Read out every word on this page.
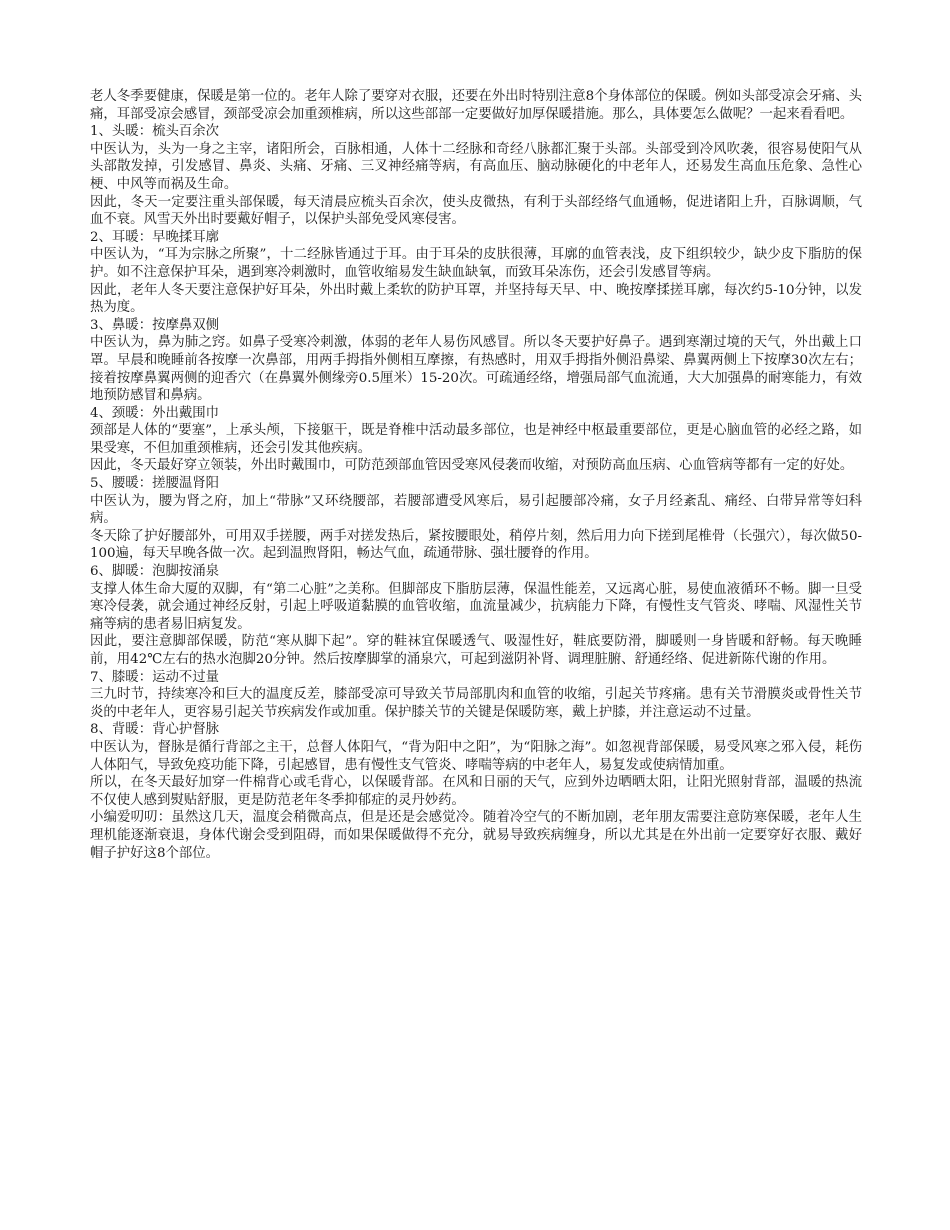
老人冬季要健康，保暖是第一位的。老年人除了要穿对衣服，还要在外出时特别注意8个身体部位的保暖。例如头部受凉会牙痛、头痛，耳部受凉会感冒，颈部受凉会加重颈椎病，所以这些部部一定要做好加厚保暖措施。那么，具体要怎么做呢？一起来看看吧。

1、头暖：梳头百余次

中医认为，头为一身之主宰，诸阳所会，百脉相通，人体十二经脉和奇经八脉都汇聚于头部。头部受到冷风吹袭，很容易使阳气从头部散发掉，引发感冒、鼻炎、头痛、牙痛、三叉神经痛等病，有高血压、脑动脉硬化的中老年人，还易发生高血压危象、急性心梗、中风等而祸及生命。

因此，冬天一定要注重头部保暖，每天清晨应梳头百余次，使头皮微热，有利于头部经络气血通畅，促进诸阳上升，百脉调顺，气血不衰。风雪天外出时要戴好帽子，以保护头部免受风寒侵害。

2、耳暖：早晚揉耳廓

中医认为，“耳为宗脉之所聚”，十二经脉皆通过于耳。由于耳朵的皮肤很薄，耳廓的血管表浅，皮下组织较少，缺少皮下脂肪的保护。如不注意保护耳朵，遇到寒冷刺激时，血管收缩易发生缺血缺氧，而致耳朵冻伤，还会引发感冒等病。

因此，老年人冬天要注意保护好耳朵，外出时戴上柔软的防护耳罩，并坚持每天早、中、晚按摩揉搓耳廓，每次约5-10分钟，以发热为度。

3、鼻暖：按摩鼻双侧

中医认为，鼻为肺之窍。如鼻子受寒冷刺激，体弱的老年人易伤风感冒。所以冬天要护好鼻子。遇到寒潮过境的天气，外出戴上口罩。早晨和晚睡前各按摩一次鼻部，用两手拇指外侧相互摩擦，有热感时，用双手拇指外侧沿鼻梁、鼻翼两侧上下按摩30次左右；接着按摩鼻翼两侧的迎香穴（在鼻翼外侧缘旁0.5厘米）15-20次。可疏通经络，增强局部气血流通，大大加强鼻的耐寒能力，有效地预防感冒和鼻病。

4、颈暖：外出戴围巾

颈部是人体的“要塞”，上承头颅，下接躯干，既是脊椎中活动最多部位，也是神经中枢最重要部位，更是心脑血管的必经之路，如果受寒，不但加重颈椎病，还会引发其他疾病。

因此，冬天最好穿立领装，外出时戴围巾，可防范颈部血管因受寒风侵袭而收缩，对预防高血压病、心血管病等都有一定的好处。

5、腰暖：搓腰温肾阳

中医认为，腰为肾之府，加上“带脉”又环绕腰部，若腰部遭受风寒后，易引起腰部冷痛，女子月经紊乱、痛经、白带异常等妇科病。

冬天除了护好腰部外，可用双手搓腰，两手对搓发热后，紧按腰眼处，稍停片刻，然后用力向下搓到尾椎骨（长强穴），每次做50-100遍，每天早晚各做一次。起到温煦肾阳，畅达气血，疏通带脉、强壮腰脊的作用。

6、脚暖：泡脚按涌泉

支撑人体生命大厦的双脚，有“第二心脏”之美称。但脚部皮下脂肪层薄，保温性能差，又远离心脏，易使血液循环不畅。脚一旦受寒冷侵袭，就会通过神经反射，引起上呼吸道黏膜的血管收缩，血流量减少，抗病能力下降，有慢性支气管炎、哮喘、风湿性关节痛等病的患者易旧病复发。

因此，要注意脚部保暖，防范“寒从脚下起”。穿的鞋袜宜保暖透气、吸湿性好，鞋底要防滑，脚暖则一身皆暖和舒畅。每天晚睡前，用42℃左右的热水泡脚20分钟。然后按摩脚掌的涌泉穴，可起到滋阴补肾、调理脏腑、舒通经络、促进新陈代谢的作用。

7、膝暖：运动不过量

三九时节，持续寒冷和巨大的温度反差，膝部受凉可导致关节局部肌肉和血管的收缩，引起关节疼痛。患有关节滑膜炎或骨性关节炎的中老年人，更容易引起关节疾病发作或加重。保护膝关节的关键是保暖防寒，戴上护膝，并注意运动不过量。

8、背暖：背心护督脉

中医认为，督脉是循行背部之主干，总督人体阳气，“背为阳中之阳”，为“阳脉之海”。如忽视背部保暖，易受风寒之邪入侵，耗伤人体阳气，导致免疫功能下降，引起感冒，患有慢性支气管炎、哮喘等病的中老年人，易复发或使病情加重。

所以，在冬天最好加穿一件棉背心或毛背心，以保暖背部。在风和日丽的天气，应到外边晒晒太阳，让阳光照射背部，温暖的热流不仅使人感到熨贴舒服，更是防范老年冬季抑郁症的灵丹妙药。

小编爱叨叨：虽然这几天，温度会稍微高点，但是还是会感觉冷。随着冷空气的不断加剧，老年朋友需要注意防寒保暖，老年人生理机能逐渐衰退，身体代谢会受到阻碍，而如果保暖做得不充分，就易导致疾病缠身，所以尤其是在外出前一定要穿好衣服、戴好帽子护好这8个部位。
